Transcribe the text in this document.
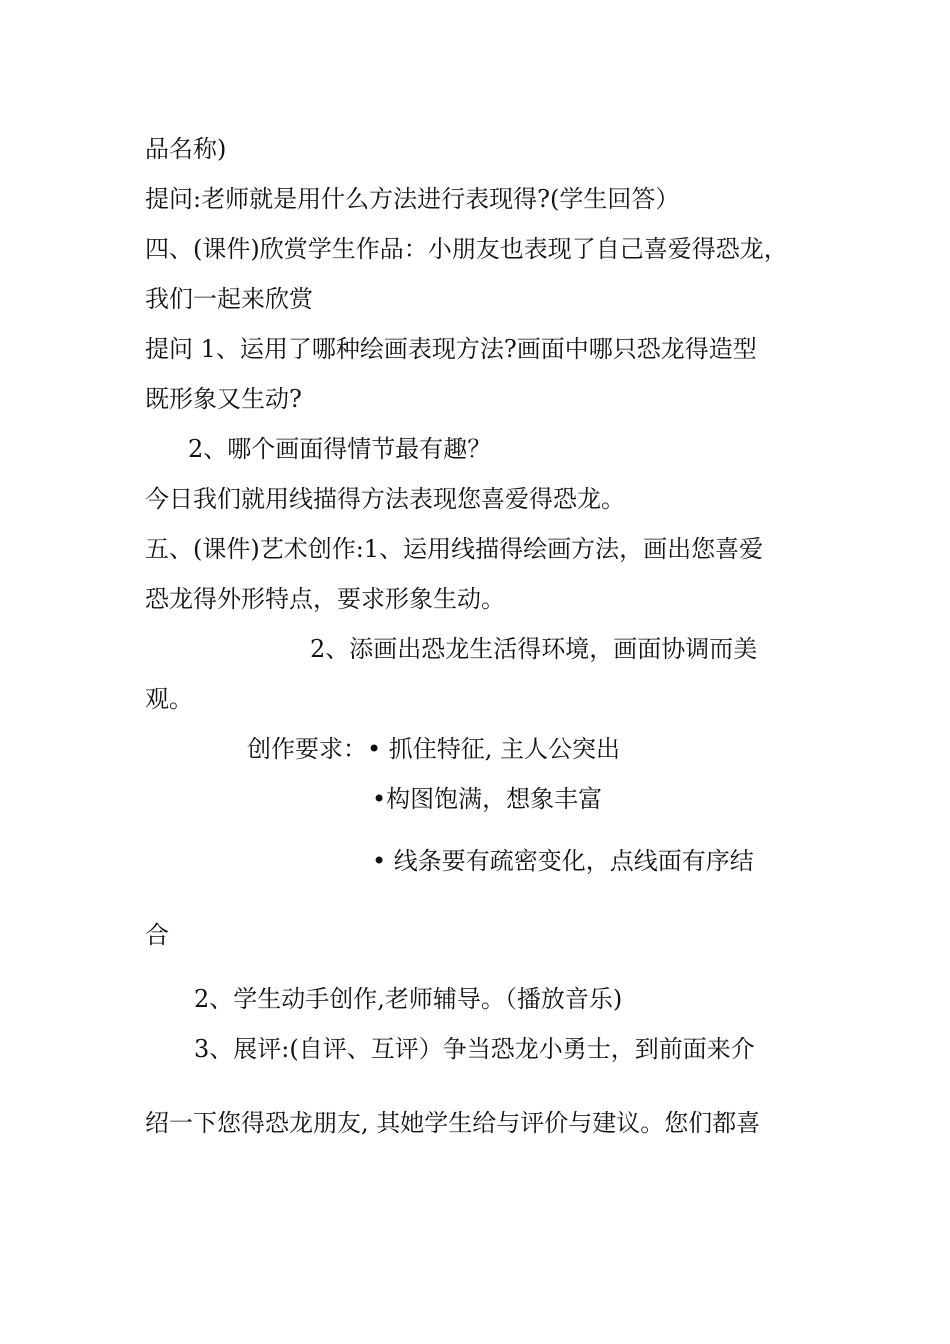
品名称)
提问:老师就是用什么方法进行表现得?(学生回答）
四、(课件)欣赏学生作品：小朋友也表现了自己喜爱得恐龙，
我们一起来欣赏
提问 1、运用了哪种绘画表现方法?画面中哪只恐龙得造型
既形象又生动?
2、哪个画面得情节最有趣？
今日我们就用线描得方法表现您喜爱得恐龙。
五、(课件)艺术创作:1、运用线描得绘画方法，画出您喜爱
恐龙得外形特点，要求形象生动。
2、添画出恐龙生活得环境，画面协调而美
观。
创作要求：• 抓住特征, 主人公突出
•构图饱满，想象丰富
• 线条要有疏密变化，点线面有序结
合
2、学生动手创作,老师辅导。（播放音乐)
3、展评:(自评、互评）争当恐龙小勇士，到前面来介
绍一下您得恐龙朋友, 其她学生给与评价与建议。您们都喜
